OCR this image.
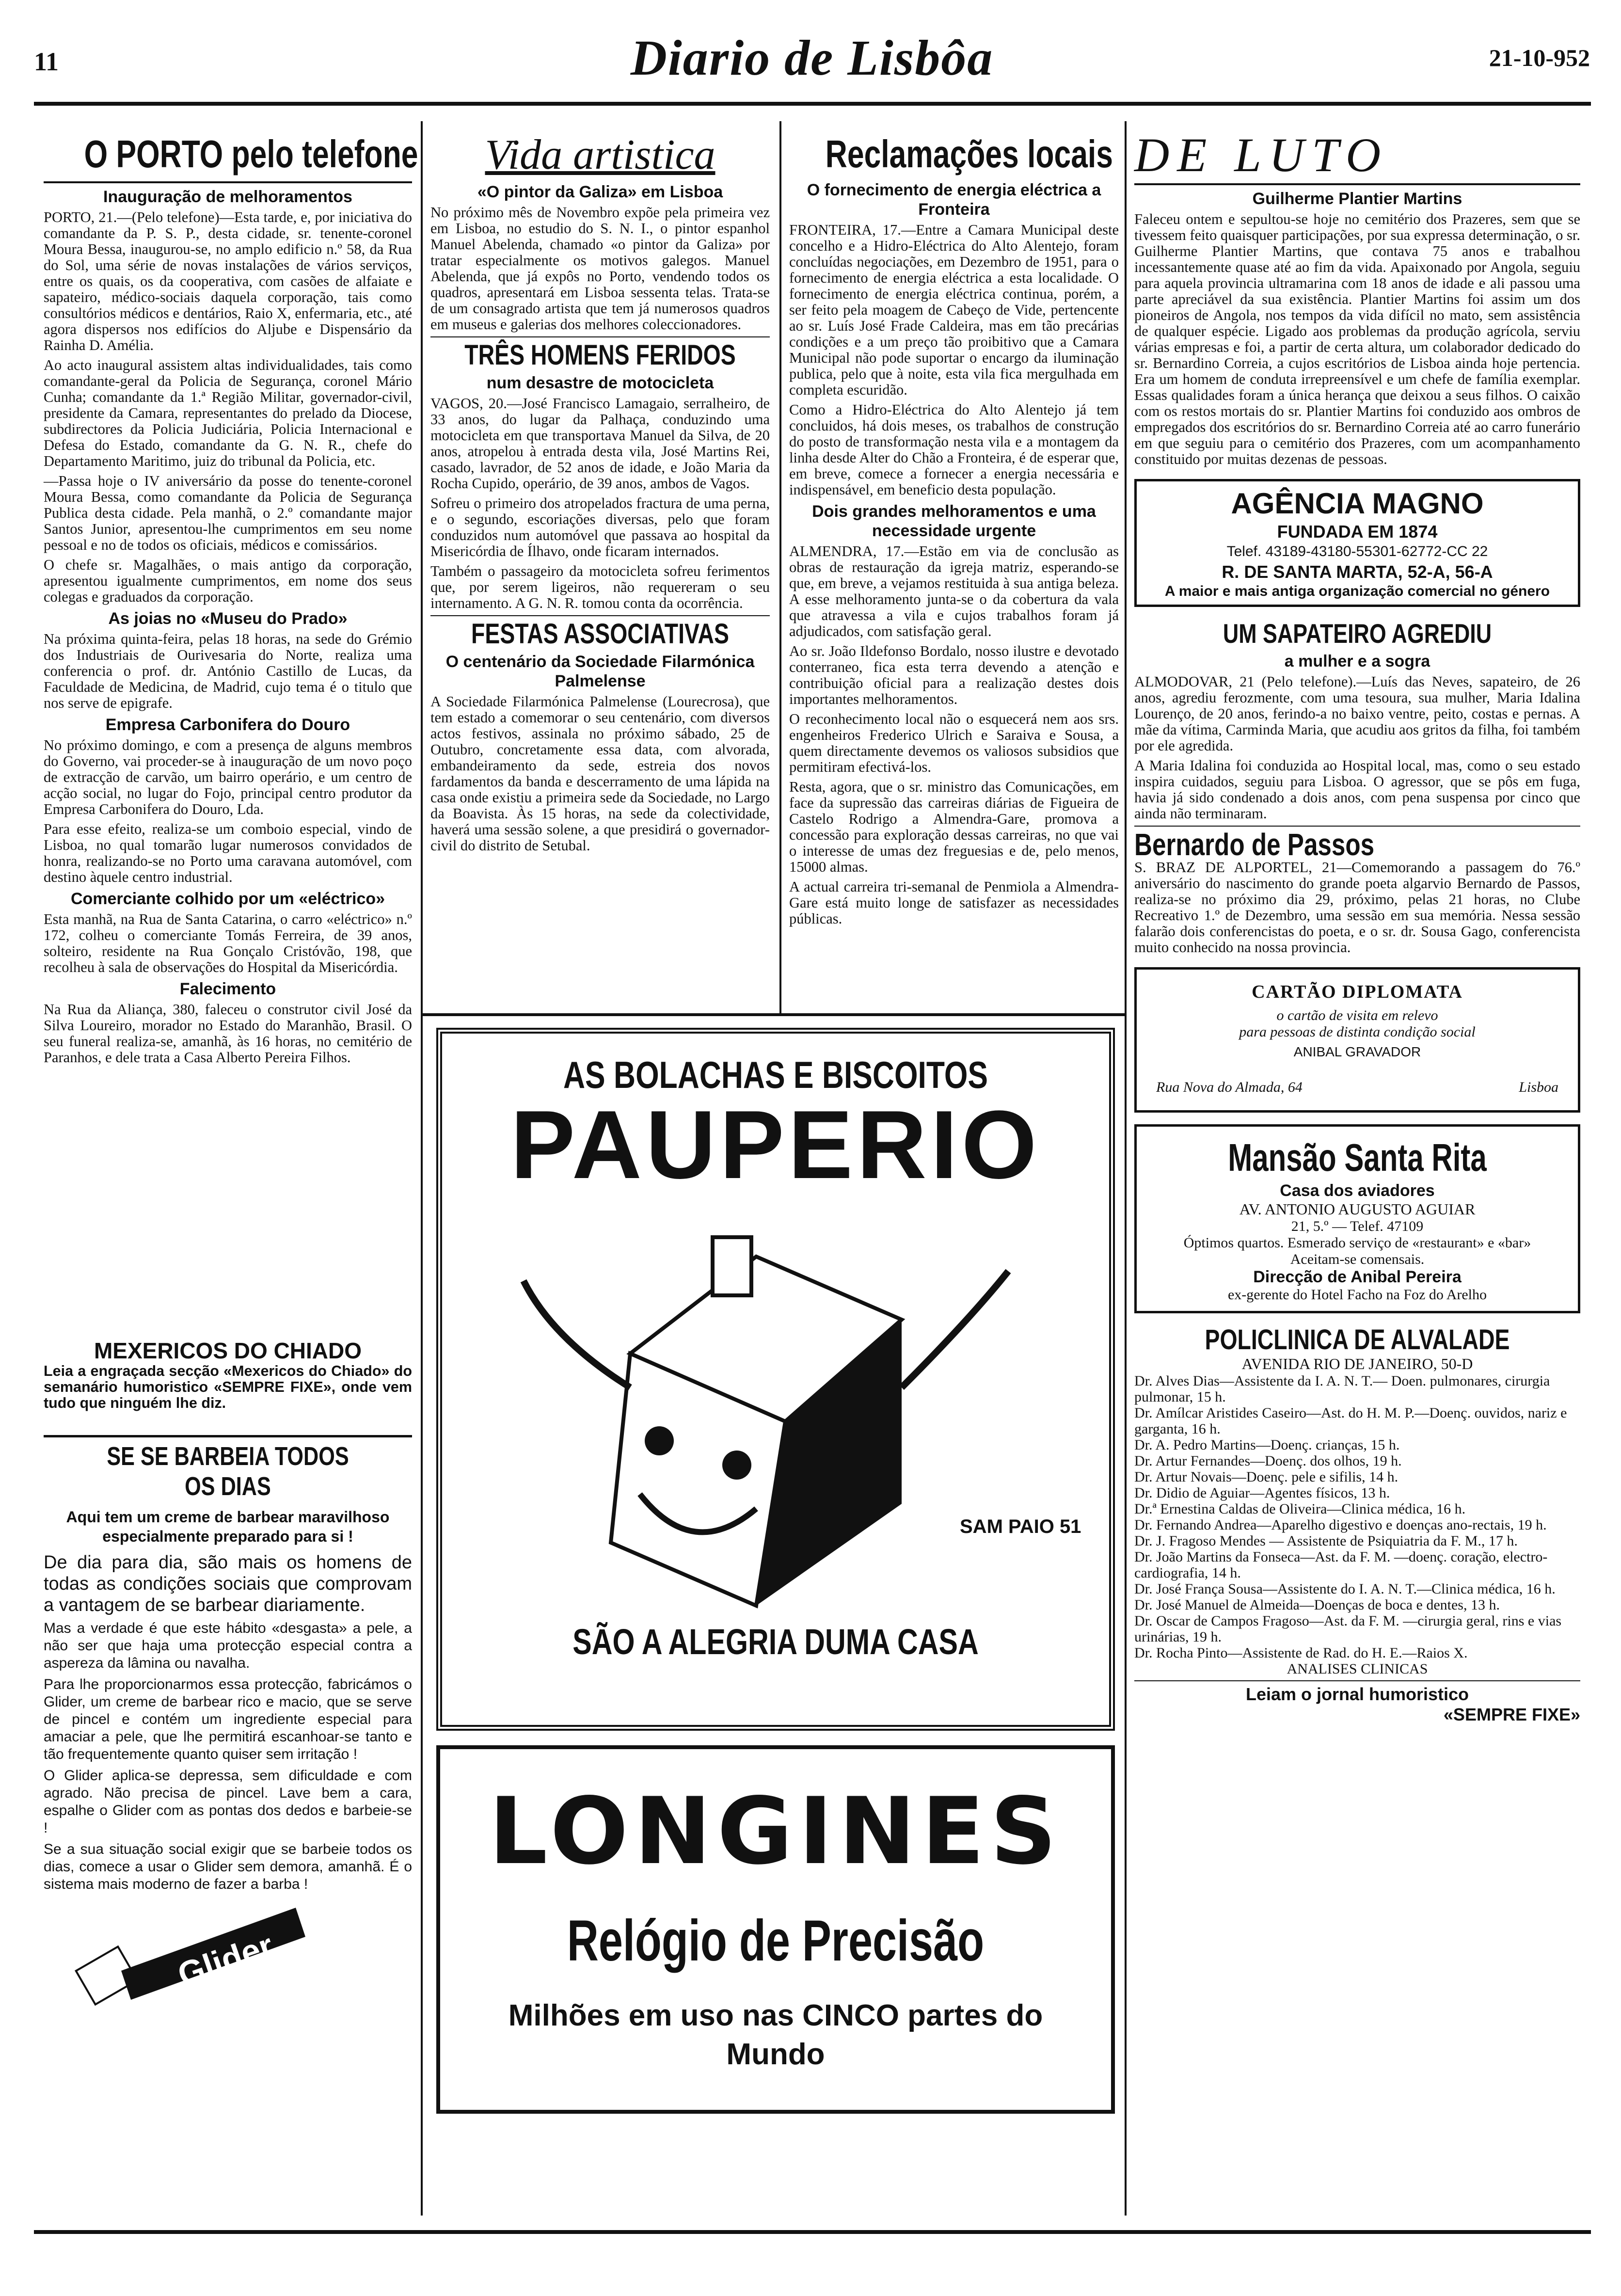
11	Diario de Lisbôa	21-10-952
O PORTO pelo telefone
Inauguração de melhoramentos

PORTO, 21.—(Pelo telefone)—Esta tarde, e, por iniciativa do comandante da P. S. P., desta cidade, sr. tenente-coronel Moura Bessa, inaugurou-se, no amplo edificio n.º 58, da Rua do Sol, uma série de novas instalações de vários serviços, entre os quais, os da cooperativa, com casões de alfaiate e sapateiro, médico-sociais daquela corporação, tais como consultórios médicos e dentários, Raio X, enfermaria, etc., até agora dispersos nos edifícios do Aljube e Dispensário da Rainha D. Amélia.

Ao acto inaugural assistem altas individualidades, tais como comandante-geral da Policia de Segurança, coronel Mário Cunha; comandante da 1.ª Região Militar, governador-civil, presidente da Camara, representantes do prelado da Diocese, subdirectores da Policia Judiciária, Policia Internacional e Defesa do Estado, comandante da G. N. R., chefe do Departamento Maritimo, juiz do tribunal da Policia, etc.

—Passa hoje o IV aniversário da posse do tenente-coronel Moura Bessa, como comandante da Policia de Segurança Publica desta cidade. Pela manhã, o 2.º comandante major Santos Junior, apresentou-lhe cumprimentos em seu nome pessoal e no de todos os oficiais, médicos e comissários.

O chefe sr. Magalhães, o mais antigo da corporação, apresentou igualmente cumprimentos, em nome dos seus colegas e graduados da corporação.

As joias no «Museu do Prado»

Na próxima quinta-feira, pelas 18 horas, na sede do Grémio dos Industriais de Ourivesaria do Norte, realiza uma conferencia o prof. dr. António Castillo de Lucas, da Faculdade de Medicina, de Madrid, cujo tema é o titulo que nos serve de epigrafe.

Empresa Carbonifera do Douro

No próximo domingo, e com a presença de alguns membros do Governo, vai proceder-se à inauguração de um novo poço de extracção de carvão, um bairro operário, e um centro de acção social, no lugar do Fojo, principal centro produtor da Empresa Carbonifera do Douro, Lda.

Para esse efeito, realiza-se um comboio especial, vindo de Lisboa, no qual tomarão lugar numerosos convidados de honra, realizando-se no Porto uma caravana automóvel, com destino àquele centro industrial.

Comerciante colhido por um «eléctrico»

Esta manhã, na Rua de Santa Catarina, o carro «eléctrico» n.º 172, colheu o comerciante Tomás Ferreira, de 39 anos, solteiro, residente na Rua Gonçalo Cristóvão, 198, que recolheu à sala de observações do Hospital da Misericórdia.

Falecimento

Na Rua da Aliança, 380, faleceu o construtor civil José da Silva Loureiro, morador no Estado do Maranhão, Brasil. O seu funeral realiza-se, amanhã, às 16 horas, no cemitério de Paranhos, e dele trata a Casa Alberto Pereira Filhos.

MEXERICOS DO CHIADO

Leia a engraçada secção «Mexericos do Chiado» do semanário humoristico «SEMPRE FIXE», onde vem tudo que ninguém lhe diz.

SE SE BARBEIA TODOS
OS DIAS
Aqui tem um creme de barbear maravilhoso especialmente preparado para si !

De dia para dia, são mais os homens de todas as condições sociais que comprovam a vantagem de se barbear diariamente.

Mas a verdade é que este hábito «desgasta» a pele, a não ser que haja uma protecção especial contra a aspereza da lâmina ou navalha.

Para lhe proporcionarmos essa protecção, fabricámos o Glider, um creme de barbear rico e macio, que se serve de pincel e contém um ingrediente especial para amaciar a pele, que lhe permitirá escanhoar-se tanto e tão frequentemente quanto quiser sem irritação !

O Glider aplica-se depressa, sem dificuldade e com agrado. Não precisa de pincel. Lave bem a cara, espalhe o Glider com as pontas dos dedos e barbeie-se !

Se a sua situação social exigir que se barbeie todos os dias, comece a usar o Glider sem demora, amanhã. É o sistema mais moderno de fazer a barba !

Glider
Vida artistica
«O pintor da Galiza» em Lisboa

No próximo mês de Novembro expõe pela primeira vez em Lisboa, no estudio do S. N. I., o pintor espanhol Manuel Abelenda, chamado «o pintor da Galiza» por tratar especialmente os motivos galegos. Manuel Abelenda, que já expôs no Porto, vendendo todos os quadros, apresentará em Lisboa sessenta telas. Trata-se de um consagrado artista que tem já numerosos quadros em museus e galerias dos melhores coleccionadores.

TRÊS HOMENS FERIDOS
num desastre de motocicleta

VAGOS, 20.—José Francisco Lamagaio, serralheiro, de 33 anos, do lugar da Palhaça, conduzindo uma motocicleta em que transportava Manuel da Silva, de 20 anos, atropelou à entrada desta vila, José Martins Rei, casado, lavrador, de 52 anos de idade, e João Maria da Rocha Cupido, operário, de 39 anos, ambos de Vagos.

Sofreu o primeiro dos atropelados fractura de uma perna, e o segundo, escoriações diversas, pelo que foram conduzidos num automóvel que passava ao hospital da Misericórdia de Ílhavo, onde ficaram internados.

Também o passageiro da motocicleta sofreu ferimentos que, por serem ligeiros, não requereram o seu internamento. A G. N. R. tomou conta da ocorrência.

FESTAS ASSOCIATIVAS
O centenário da Sociedade Filarmónica Palmelense

A Sociedade Filarmónica Palmelense (Lourecrosa), que tem estado a comemorar o seu centenário, com diversos actos festivos, assinala no próximo sábado, 25 de Outubro, concretamente essa data, com alvorada, embandeiramento da sede, estreia dos novos fardamentos da banda e descerramento de uma lápida na casa onde existiu a primeira sede da Sociedade, no Largo da Boavista. Às 15 horas, na sede da colectividade, haverá uma sessão solene, a que presidirá o governador-civil do distrito de Setubal.

Reclamações locais
O fornecimento de energia eléctrica a Fronteira

FRONTEIRA, 17.—Entre a Camara Municipal deste concelho e a Hidro-Eléctrica do Alto Alentejo, foram concluídas negociações, em Dezembro de 1951, para o fornecimento de energia eléctrica a esta localidade. O fornecimento de energia eléctrica continua, porém, a ser feito pela moagem de Cabeço de Vide, pertencente ao sr. Luís José Frade Caldeira, mas em tão precárias condições e a um preço tão proibitivo que a Camara Municipal não pode suportar o encargo da iluminação publica, pelo que à noite, esta vila fica mergulhada em completa escuridão.

Como a Hidro-Eléctrica do Alto Alentejo já tem concluidos, há dois meses, os trabalhos de construção do posto de transformação nesta vila e a montagem da linha desde Alter do Chão a Fronteira, é de esperar que, em breve, comece a fornecer a energia necessária e indispensável, em beneficio desta população.

Dois grandes melhoramentos e uma necessidade urgente

ALMENDRA, 17.—Estão em via de conclusão as obras de restauração da igreja matriz, esperando-se que, em breve, a vejamos restituida à sua antiga beleza. A esse melhoramento junta-se o da cobertura da vala que atravessa a vila e cujos trabalhos foram já adjudicados, com satisfação geral.

Ao sr. João Ildefonso Bordalo, nosso ilustre e devotado conterraneo, fica esta terra devendo a atenção e contribuição oficial para a realização destes dois importantes melhoramentos.

O reconhecimento local não o esquecerá nem aos srs. engenheiros Frederico Ulrich e Saraiva e Sousa, a quem directamente devemos os valiosos subsidios que permitiram efectivá-los.

Resta, agora, que o sr. ministro das Comunicações, em face da supressão das carreiras diárias de Figueira de Castelo Rodrigo a Almendra-Gare, promova a concessão para exploração dessas carreiras, no que vai o interesse de umas dez freguesias e de, pelo menos, 15000 almas.

A actual carreira tri-semanal de Penmiola a Almendra-Gare está muito longe de satisfazer as necessidades públicas.

AS BOLACHAS E BISCOITOS
PAUPERIO
SAM PAIO 51
SÃO A ALEGRIA DUMA CASA
LONGINES
Relógio de Precisão
Milhões em uso nas CINCO partes do Mundo
DE LUTO
Guilherme Plantier Martins

Faleceu ontem e sepultou-se hoje no cemitério dos Prazeres, sem que se tivessem feito quaisquer participações, por sua expressa determinação, o sr. Guilherme Plantier Martins, que contava 75 anos e trabalhou incessantemente quase até ao fim da vida. Apaixonado por Angola, seguiu para aquela provincia ultramarina com 18 anos de idade e ali passou uma parte apreciável da sua existência. Plantier Martins foi assim um dos pioneiros de Angola, nos tempos da vida difícil no mato, sem assistência de qualquer espécie. Ligado aos problemas da produção agrícola, serviu várias empresas e foi, a partir de certa altura, um colaborador dedicado do sr. Bernardino Correia, a cujos escritórios de Lisboa ainda hoje pertencia. Era um homem de conduta irrepreensível e um chefe de família exemplar. Essas qualidades foram a única herança que deixou a seus filhos. O caixão com os restos mortais do sr. Plantier Martins foi conduzido aos ombros de empregados dos escritórios do sr. Bernardino Correia até ao carro funerário em que seguiu para o cemitério dos Prazeres, com um acompanhamento constituido por muitas dezenas de pessoas.

AGÊNCIA MAGNO
FUNDADA EM 1874
Telef. 43189-43180-55301-62772-CC 22
R. DE SANTA MARTA, 52-A, 56-A
A maior e mais antiga organização comercial no género
UM SAPATEIRO AGREDIU
a mulher e a sogra

ALMODOVAR, 21 (Pelo telefone).—Luís das Neves, sapateiro, de 26 anos, agrediu ferozmente, com uma tesoura, sua mulher, Maria Idalina Lourenço, de 20 anos, ferindo-a no baixo ventre, peito, costas e pernas. A mãe da vítima, Carminda Maria, que acudiu aos gritos da filha, foi também por ele agredida.

A Maria Idalina foi conduzida ao Hospital local, mas, como o seu estado inspira cuidados, seguiu para Lisboa. O agressor, que se pôs em fuga, havia já sido condenado a dois anos, com pena suspensa por cinco que ainda não terminaram.

Bernardo de Passos

S. BRAZ DE ALPORTEL, 21—Comemorando a passagem do 76.º aniversário do nascimento do grande poeta algarvio Bernardo de Passos, realiza-se no próximo dia 29, próximo, pelas 21 horas, no Clube Recreativo 1.º de Dezembro, uma sessão em sua memória. Nessa sessão falarão dois conferencistas do poeta, e o sr. dr. Sousa Gago, conferencista muito conhecido na nossa provincia.

CARTÃO DIPLOMATA
o cartão de visita em relevo
para pessoas de distinta condição social
ANIBAL GRAVADOR
Rua Nova do Almada, 64	Lisboa
Mansão Santa Rita
Casa dos aviadores
AV. ANTONIO AUGUSTO AGUIAR
21, 5.º — Telef. 47109
Óptimos quartos. Esmerado serviço de «restaurant» e «bar»
Aceitam-se comensais.
Direcção de Anibal Pereira
ex-gerente do Hotel Facho na Foz do Arelho
POLICLINICA DE ALVALADE
AVENIDA RIO DE JANEIRO, 50-D
Dr. Alves Dias—Assistente da I. A. N. T.— Doen. pulmonares, cirurgia pulmonar, 15 h.
Dr. Amílcar Aristides Caseiro—Ast. do H. M. P.—Doenç. ouvidos, nariz e garganta, 16 h.
Dr. A. Pedro Martins—Doenç. crianças, 15 h.
Dr. Artur Fernandes—Doenç. dos olhos, 19 h.
Dr. Artur Novais—Doenç. pele e sifilis, 14 h.
Dr. Didio de Aguiar—Agentes físicos, 13 h.
Dr.ª Ernestina Caldas de Oliveira—Clinica médica, 16 h.
Dr. Fernando Andrea—Aparelho digestivo e doenças ano-rectais, 19 h.
Dr. J. Fragoso Mendes — Assistente de Psiquiatria da F. M., 17 h.
Dr. João Martins da Fonseca—Ast. da F. M. —doenç. coração, electro-cardiografia, 14 h.
Dr. José França Sousa—Assistente do I. A. N. T.—Clinica médica, 16 h.
Dr. José Manuel de Almeida—Doenças de boca e dentes, 13 h.
Dr. Oscar de Campos Fragoso—Ast. da F. M. —cirurgia geral, rins e vias urinárias, 19 h.
Dr. Rocha Pinto—Assistente de Rad. do H. E.—Raios X.
ANALISES CLINICAS
Leiam o jornal humoristico
«SEMPRE FIXE»
